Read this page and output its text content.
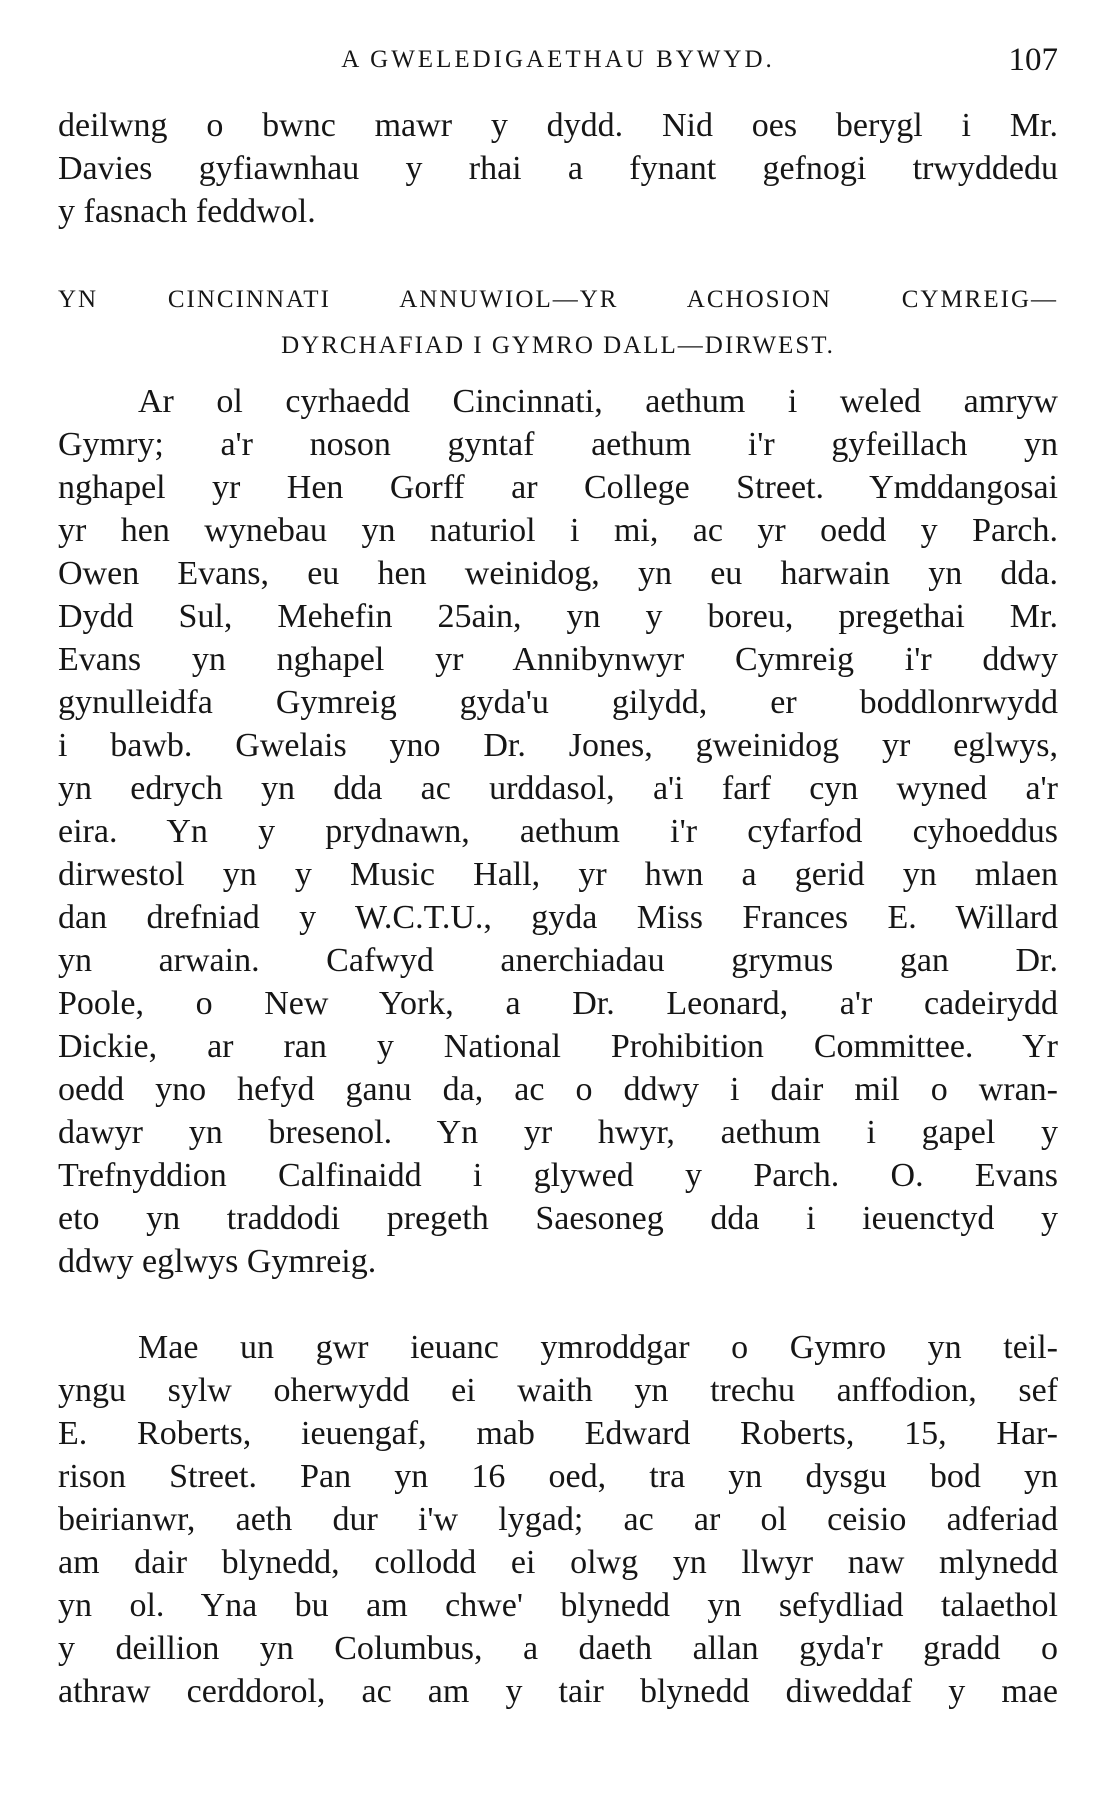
A GWELEDIGAETHAU BYWYD.	107
deilwng o bwnc mawr y dydd. Nid oes berygl i Mr.
Davies gyfiawnhau y rhai a fynant gefnogi trwyddedu
y fasnach feddwol.
YN CINCINNATI ANNUWIOL—YR ACHOSION CYMREIG—
DYRCHAFIAD I GYMRO DALL—DIRWEST.
Ar ol cyrhaedd Cincinnati, aethum i weled amryw
Gymry; a'r noson gyntaf aethum i'r gyfeillach yn
nghapel yr Hen Gorff ar College Street. Ymddangosai
yr hen wynebau yn naturiol i mi, ac yr oedd y Parch.
Owen Evans, eu hen weinidog, yn eu harwain yn dda.
Dydd Sul, Mehefin 25ain, yn y boreu, pregethai Mr.
Evans yn nghapel yr Annibynwyr Cymreig i'r ddwy
gynulleidfa Gymreig gyda'u gilydd, er boddlonrwydd
i bawb. Gwelais yno Dr. Jones, gweinidog yr eglwys,
yn edrych yn dda ac urddasol, a'i farf cyn wyned a'r
eira. Yn y prydnawn, aethum i'r cyfarfod cyhoeddus
dirwestol yn y Music Hall, yr hwn a gerid yn mlaen
dan drefniad y W.C.T.U., gyda Miss Frances E. Willard
yn arwain. Cafwyd anerchiadau grymus gan Dr.
Poole, o New York, a Dr. Leonard, a'r cadeirydd
Dickie, ar ran y National Prohibition Committee. Yr
oedd yno hefyd ganu da, ac o ddwy i dair mil o wran-
dawyr yn bresenol. Yn yr hwyr, aethum i gapel y
Trefnyddion Calfinaidd i glywed y Parch. O. Evans
eto yn traddodi pregeth Saesoneg dda i ieuenctyd y
ddwy eglwys Gymreig.
Mae un gwr ieuanc ymroddgar o Gymro yn teil-
yngu sylw oherwydd ei waith yn trechu anffodion, sef
E. Roberts, ieuengaf, mab Edward Roberts, 15, Har-
rison Street. Pan yn 16 oed, tra yn dysgu bod yn
beirianwr, aeth dur i'w lygad; ac ar ol ceisio adferiad
am dair blynedd, collodd ei olwg yn llwyr naw mlynedd
yn ol. Yna bu am chwe' blynedd yn sefydliad talaethol
y deillion yn Columbus, a daeth allan gyda'r gradd o
athraw cerddorol, ac am y tair blynedd diweddaf y mae
